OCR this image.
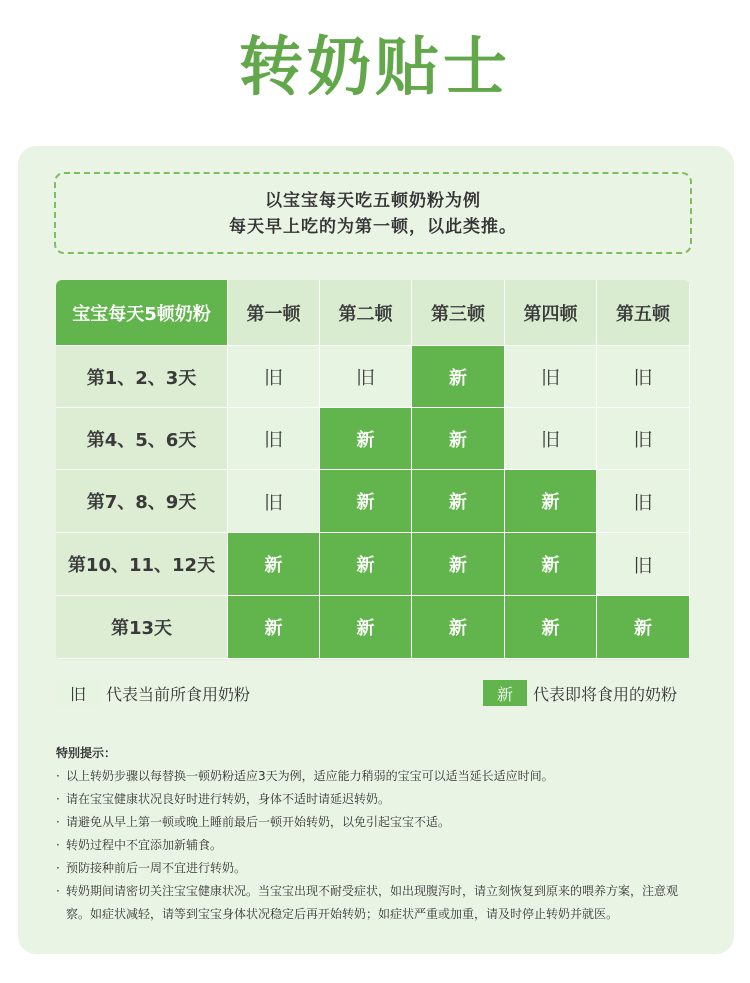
转奶贴士
以宝宝每天吃五顿奶粉为例
每天早上吃的为第一顿，以此类推。
宝宝每天5顿奶粉	第一顿	第二顿	第三顿	第四顿	第五顿
第1、2、3天	旧	旧	新	旧	旧
第4、5、6天	旧	新	新	旧	旧
第7、8、9天	旧	新	新	新	旧
第10、11、12天	新	新	新	新	旧
第13天	新	新	新	新	新
旧	代表当前所食用奶粉	新	代表即将食用的奶粉
特别提示：
· 以上转奶步骤以每替换一顿奶粉适应3天为例，适应能力稍弱的宝宝可以适当延长适应时间。
· 请在宝宝健康状况良好时进行转奶，身体不适时请延迟转奶。
· 请避免从早上第一顿或晚上睡前最后一顿开始转奶，以免引起宝宝不适。
· 转奶过程中不宜添加新辅食。
· 预防接种前后一周不宜进行转奶。
· 转奶期间请密切关注宝宝健康状况。当宝宝出现不耐受症状，如出现腹泻时，请立刻恢复到原来的喂养方案，注意观察。如症状减轻，请等到宝宝身体状况稳定后再开始转奶；如症状严重或加重，请及时停止转奶并就医。
